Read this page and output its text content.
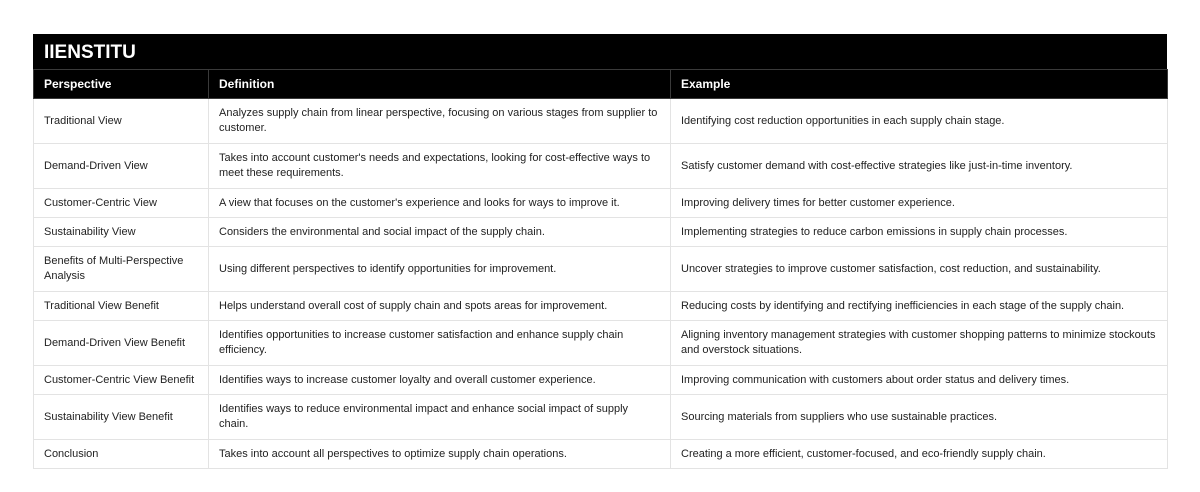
IIENSTITU
Perspective	Definition	Example
Traditional View	Analyzes supply chain from linear perspective, focusing on various stages from supplier to customer.	Identifying cost reduction opportunities in each supply chain stage.
Demand-Driven View	Takes into account customer's needs and expectations, looking for cost-effective ways to meet these requirements.	Satisfy customer demand with cost-effective strategies like just-in-time inventory.
Customer-Centric View	A view that focuses on the customer's experience and looks for ways to improve it.	Improving delivery times for better customer experience.
Sustainability View	Considers the environmental and social impact of the supply chain.	Implementing strategies to reduce carbon emissions in supply chain processes.
Benefits of Multi-Perspective Analysis	Using different perspectives to identify opportunities for improvement.	Uncover strategies to improve customer satisfaction, cost reduction, and sustainability.
Traditional View Benefit	Helps understand overall cost of supply chain and spots areas for improvement.	Reducing costs by identifying and rectifying inefficiencies in each stage of the supply chain.
Demand-Driven View Benefit	Identifies opportunities to increase customer satisfaction and enhance supply chain efficiency.	Aligning inventory management strategies with customer shopping patterns to minimize stockouts and overstock situations.
Customer-Centric View Benefit	Identifies ways to increase customer loyalty and overall customer experience.	Improving communication with customers about order status and delivery times.
Sustainability View Benefit	Identifies ways to reduce environmental impact and enhance social impact of supply chain.	Sourcing materials from suppliers who use sustainable practices.
Conclusion	Takes into account all perspectives to optimize supply chain operations.	Creating a more efficient, customer-focused, and eco-friendly supply chain.
